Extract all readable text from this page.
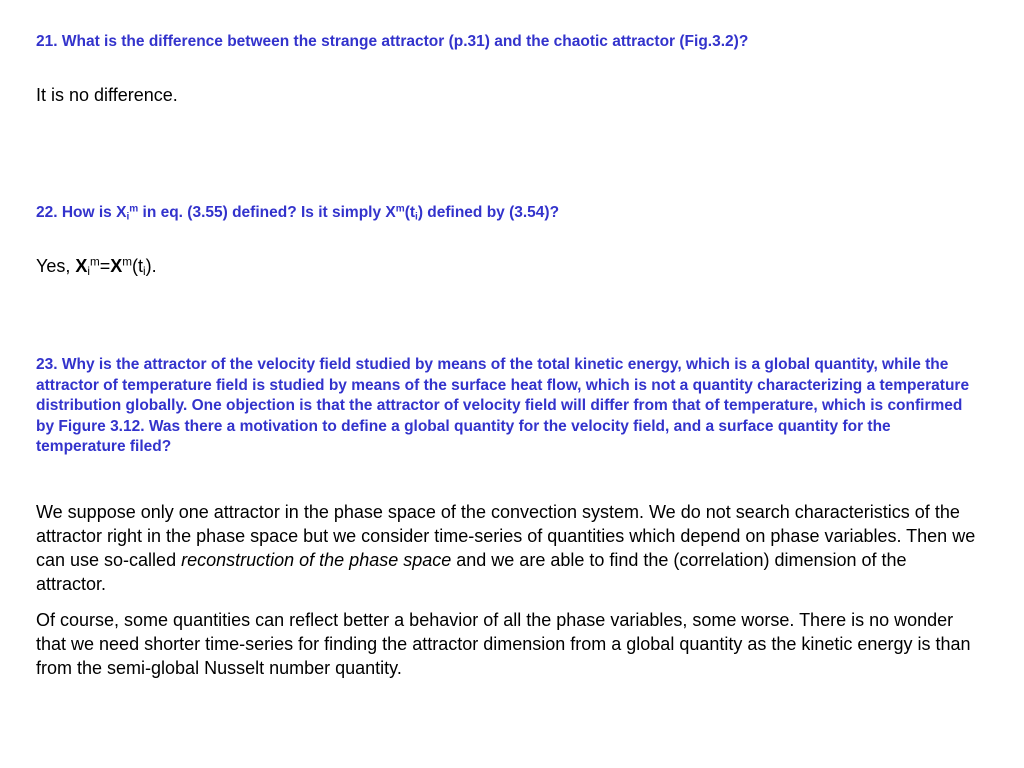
21. What is the difference between the strange attractor (p.31) and the chaotic attractor (Fig.3.2)?

It is no difference.

22. How is $X_i^m$ in eq. (3.55) defined? Is it simply $X^m(t_i)$ defined by (3.54)?

Yes, $X_i^m=X^m(t_i)$.

23. Why is the attractor of the velocity field studied by means of the total kinetic energy, which is a global quantity, while the attractor of temperature field is studied by means of the surface heat flow, which is not a quantity characterizing a temperature distribution globally. One objection is that the attractor of velocity field will differ from that of temperature, which is confirmed by Figure 3.12. Was there a motivation to define a global quantity for the velocity field, and a surface quantity for the temperature filed?

We suppose only one attractor in the phase space of the convection system. We do not search characteristics of the attractor right in the phase space but we consider time-series of quantities which depend on phase variables. Then we can use so-called reconstruction of the phase space and we are able to find the (correlation) dimension of the attractor.

Of course, some quantities can reflect better a behavior of all the phase variables, some worse. There is no wonder that we need shorter time-series for finding the attractor dimension from a global quantity as the kinetic energy is than from the semi-global Nusselt number quantity.
